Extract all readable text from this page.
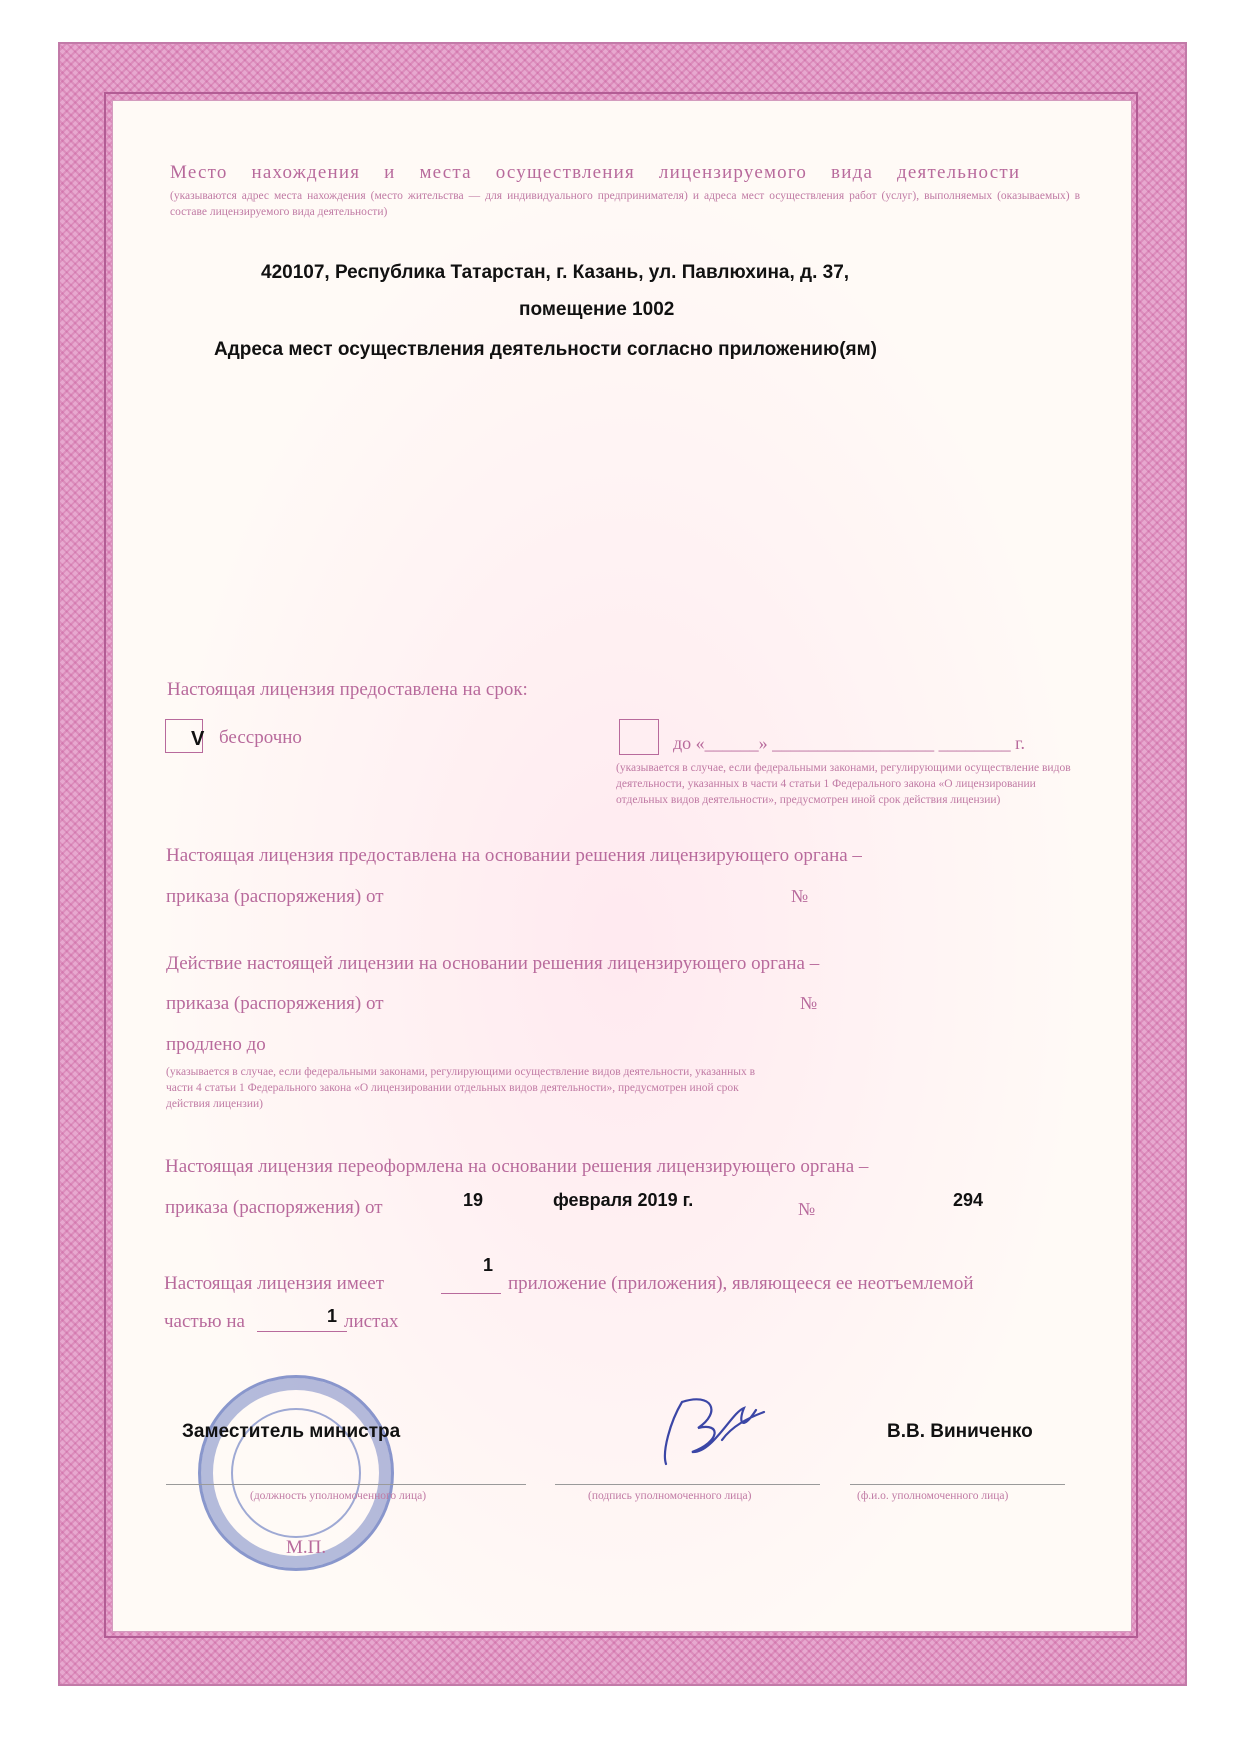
Место нахождения и места осуществления лицензируемого вида деятельности
(указываются адрес места нахождения (место жительства — для индивидуального предпринимателя) и адреса мест осуществления работ (услуг), выполняемых (оказываемых) в составе лицензируемого вида деятельности)
420107, Республика Татарстан, г. Казань, ул. Павлюхина, д. 37,
помещение 1002
Адреса мест осуществления деятельности согласно приложению(ям)
Настоящая лицензия предоставлена на срок:
V бессрочно	до «______» __________________ ________ г.
(указывается в случае, если федеральными законами, регулирующими осуществление видов деятельности, указанных в части 4 статьи 1 Федерального закона «О лицензировании отдельных видов деятельности», предусмотрен иной срок действия лицензии)
Настоящая лицензия предоставлена на основании решения лицензирующего органа –
приказа (распоряжения) от	№
Действие настоящей лицензии на основании решения лицензирующего органа –
приказа (распоряжения) от	№
продлено до
(указывается в случае, если федеральными законами, регулирующими осуществление видов деятельности, указанных в части 4 статьи 1 Федерального закона «О лицензировании отдельных видов деятельности», предусмотрен иной срок действия лицензии)
Настоящая лицензия переоформлена на основании решения лицензирующего органа –
приказа (распоряжения) от	19	февраля 2019 г.	№	294
1
Настоящая лицензия имеет	приложение (приложения), являющееся ее неотъемлемой
частью на	1 листах
Заместитель министра	В.В. Виниченко
(должность уполномоченного лица)	(подпись уполномоченного лица)	(ф.и.о. уполномоченного лица)
М.П.
